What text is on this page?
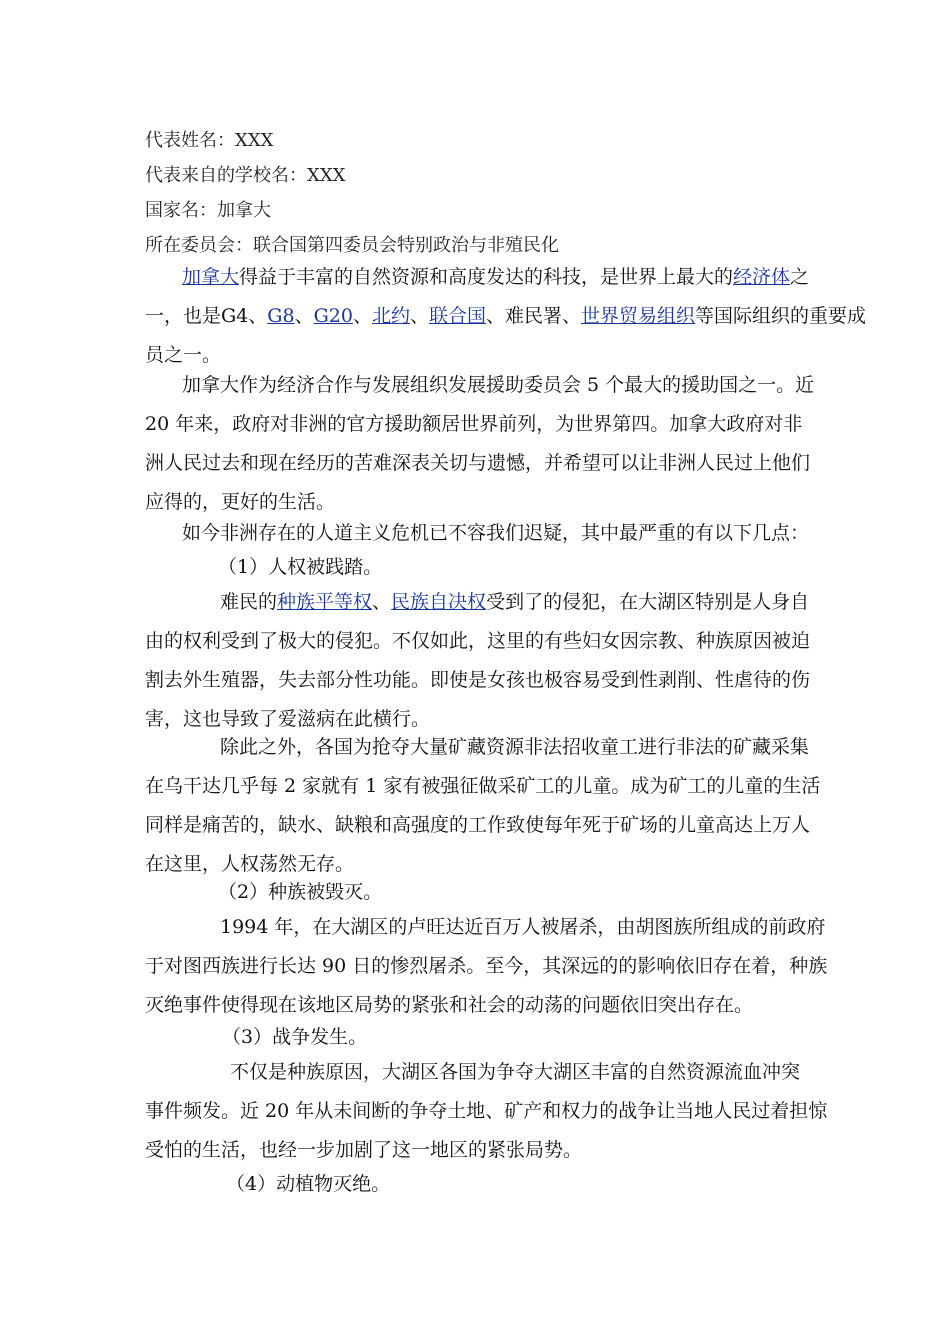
代表姓名：XXX
代表来自的学校名：XXX
国家名：加拿大
所在委员会：联合国第四委员会特别政治与非殖民化
加拿大得益于丰富的自然资源和高度发达的科技，是世界上最大的经济体之
一，也是G4、G8、G20、北约、联合国、难民署、世界贸易组织等国际组织的重要成
员之一。
加拿大作为经济合作与发展组织发展援助委员会 5 个最大的援助国之一。近
20 年来，政府对非洲的官方援助额居世界前列，为世界第四。加拿大政府对非
洲人民过去和现在经历的苦难深表关切与遗憾，并希望可以让非洲人民过上他们
应得的，更好的生活。
如今非洲存在的人道主义危机已不容我们迟疑，其中最严重的有以下几点：
（1）人权被践踏。
难民的种族平等权、民族自决权受到了的侵犯，在大湖区特别是人身自
由的权利受到了极大的侵犯。不仅如此，这里的有些妇女因宗教、种族原因被迫
割去外生殖器，失去部分性功能。即使是女孩也极容易受到性剥削、性虐待的伤
害，这也导致了爱滋病在此横行。
除此之外，各国为抢夺大量矿藏资源非法招收童工进行非法的矿藏采集
在乌干达几乎每 2 家就有 1 家有被强征做采矿工的儿童。成为矿工的儿童的生活
同样是痛苦的，缺水、缺粮和高强度的工作致使每年死于矿场的儿童高达上万人
在这里，人权荡然无存。
（2）种族被毁灭。
1994 年，在大湖区的卢旺达近百万人被屠杀，由胡图族所组成的前政府
于对图西族进行长达 90 日的惨烈屠杀。至今，其深远的的影响依旧存在着，种族
灭绝事件使得现在该地区局势的紧张和社会的动荡的问题依旧突出存在。
（3）战争发生。
不仅是种族原因，大湖区各国为争夺大湖区丰富的自然资源流血冲突
事件频发。近 20 年从未间断的争夺土地、矿产和权力的战争让当地人民过着担惊
受怕的生活，也经一步加剧了这一地区的紧张局势。
（4）动植物灭绝。
